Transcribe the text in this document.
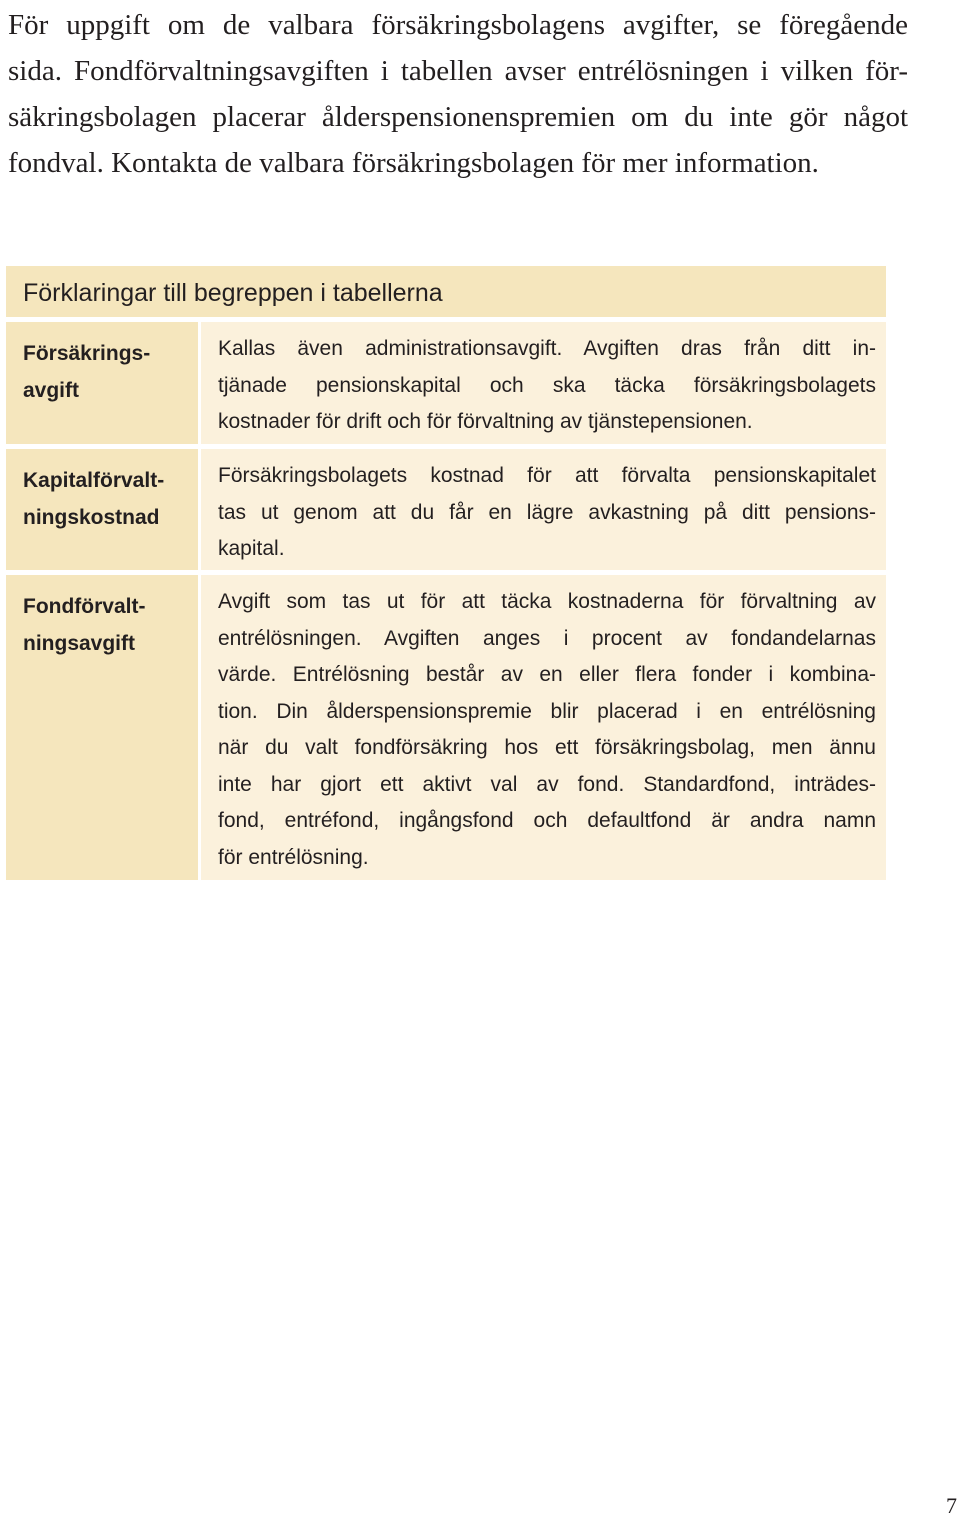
För uppgift om de valbara försäkringsbolagens avgifter, se föregående
sida. Fondförvaltningsavgiften i tabellen avser entrélösningen i vilken för-
säkringsbolagen placerar ålderspensionenspremien om du inte gör något
fondval. Kontakta de valbara försäkringsbolagen för mer information.
Förklaringar till begreppen i tabellerna
Försäkrings-
avgift
Kallas även administrationsavgift. Avgiften dras från ditt in-
tjänade pensionskapital och ska täcka försäkringsbolagets
kostnader för drift och för förvaltning av tjänstepensionen.
Kapitalförvalt-
ningskostnad
Försäkringsbolagets kostnad för att förvalta pensionskapitalet
tas ut genom att du får en lägre avkastning på ditt pensions-
kapital.
Fondförvalt-
ningsavgift
Avgift som tas ut för att täcka kostnaderna för förvaltning av
entrélösningen. Avgiften anges i procent av fondandelarnas
värde. Entrélösning består av en eller flera fonder i kombina-
tion. Din ålderspensionspremie blir placerad i en entrélösning
när du valt fondförsäkring hos ett försäkringsbolag, men ännu
inte har gjort ett aktivt val av fond. Standardfond, inträdes-
fond, entréfond, ingångsfond och defaultfond är andra namn
för entrélösning.
7
